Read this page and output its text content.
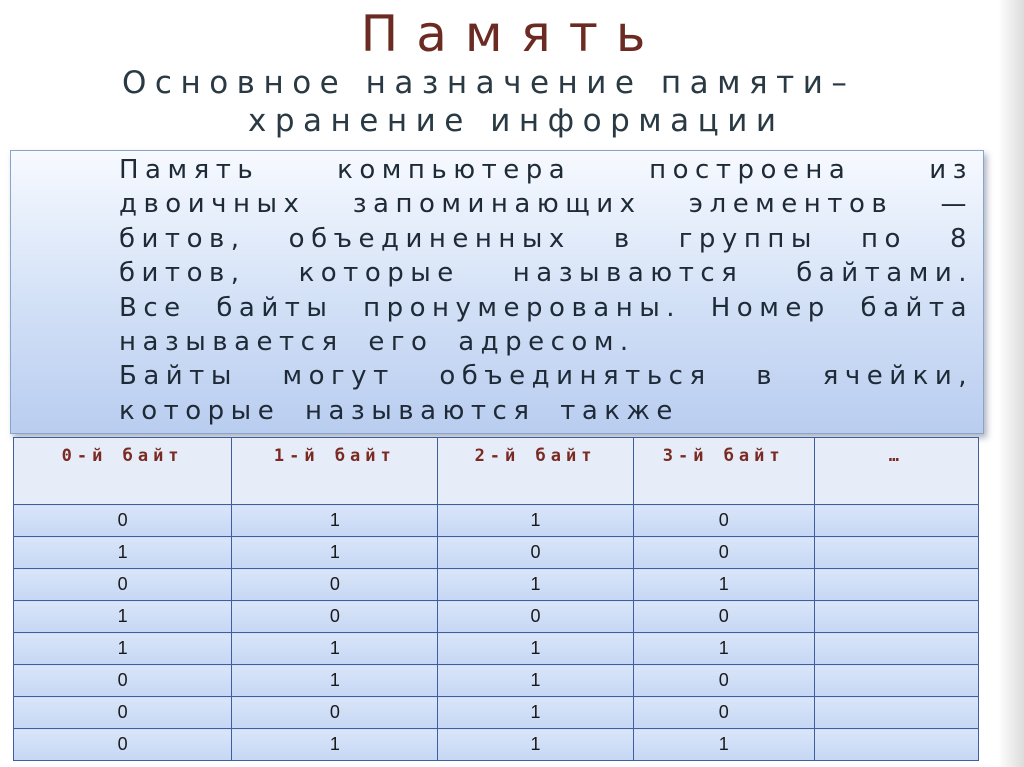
Память
Основное назначение памяти–
хранение информации
Память компьютера построена из двоичных запоминающих элементов — битов, объединенных в группы по 8 битов, которые называются байтами. Все байты пронумерованы. Номер байта называется его адресом.
Байты могут объединяться в ячейки, которые называются также
0-й байт	1-й байт	2-й байт	3-й байт	…
0	1	1	0	
1	1	0	0	
0	0	1	1	
1	0	0	0	
1	1	1	1	
0	1	1	0	
0	0	1	0	
0	1	1	1	
